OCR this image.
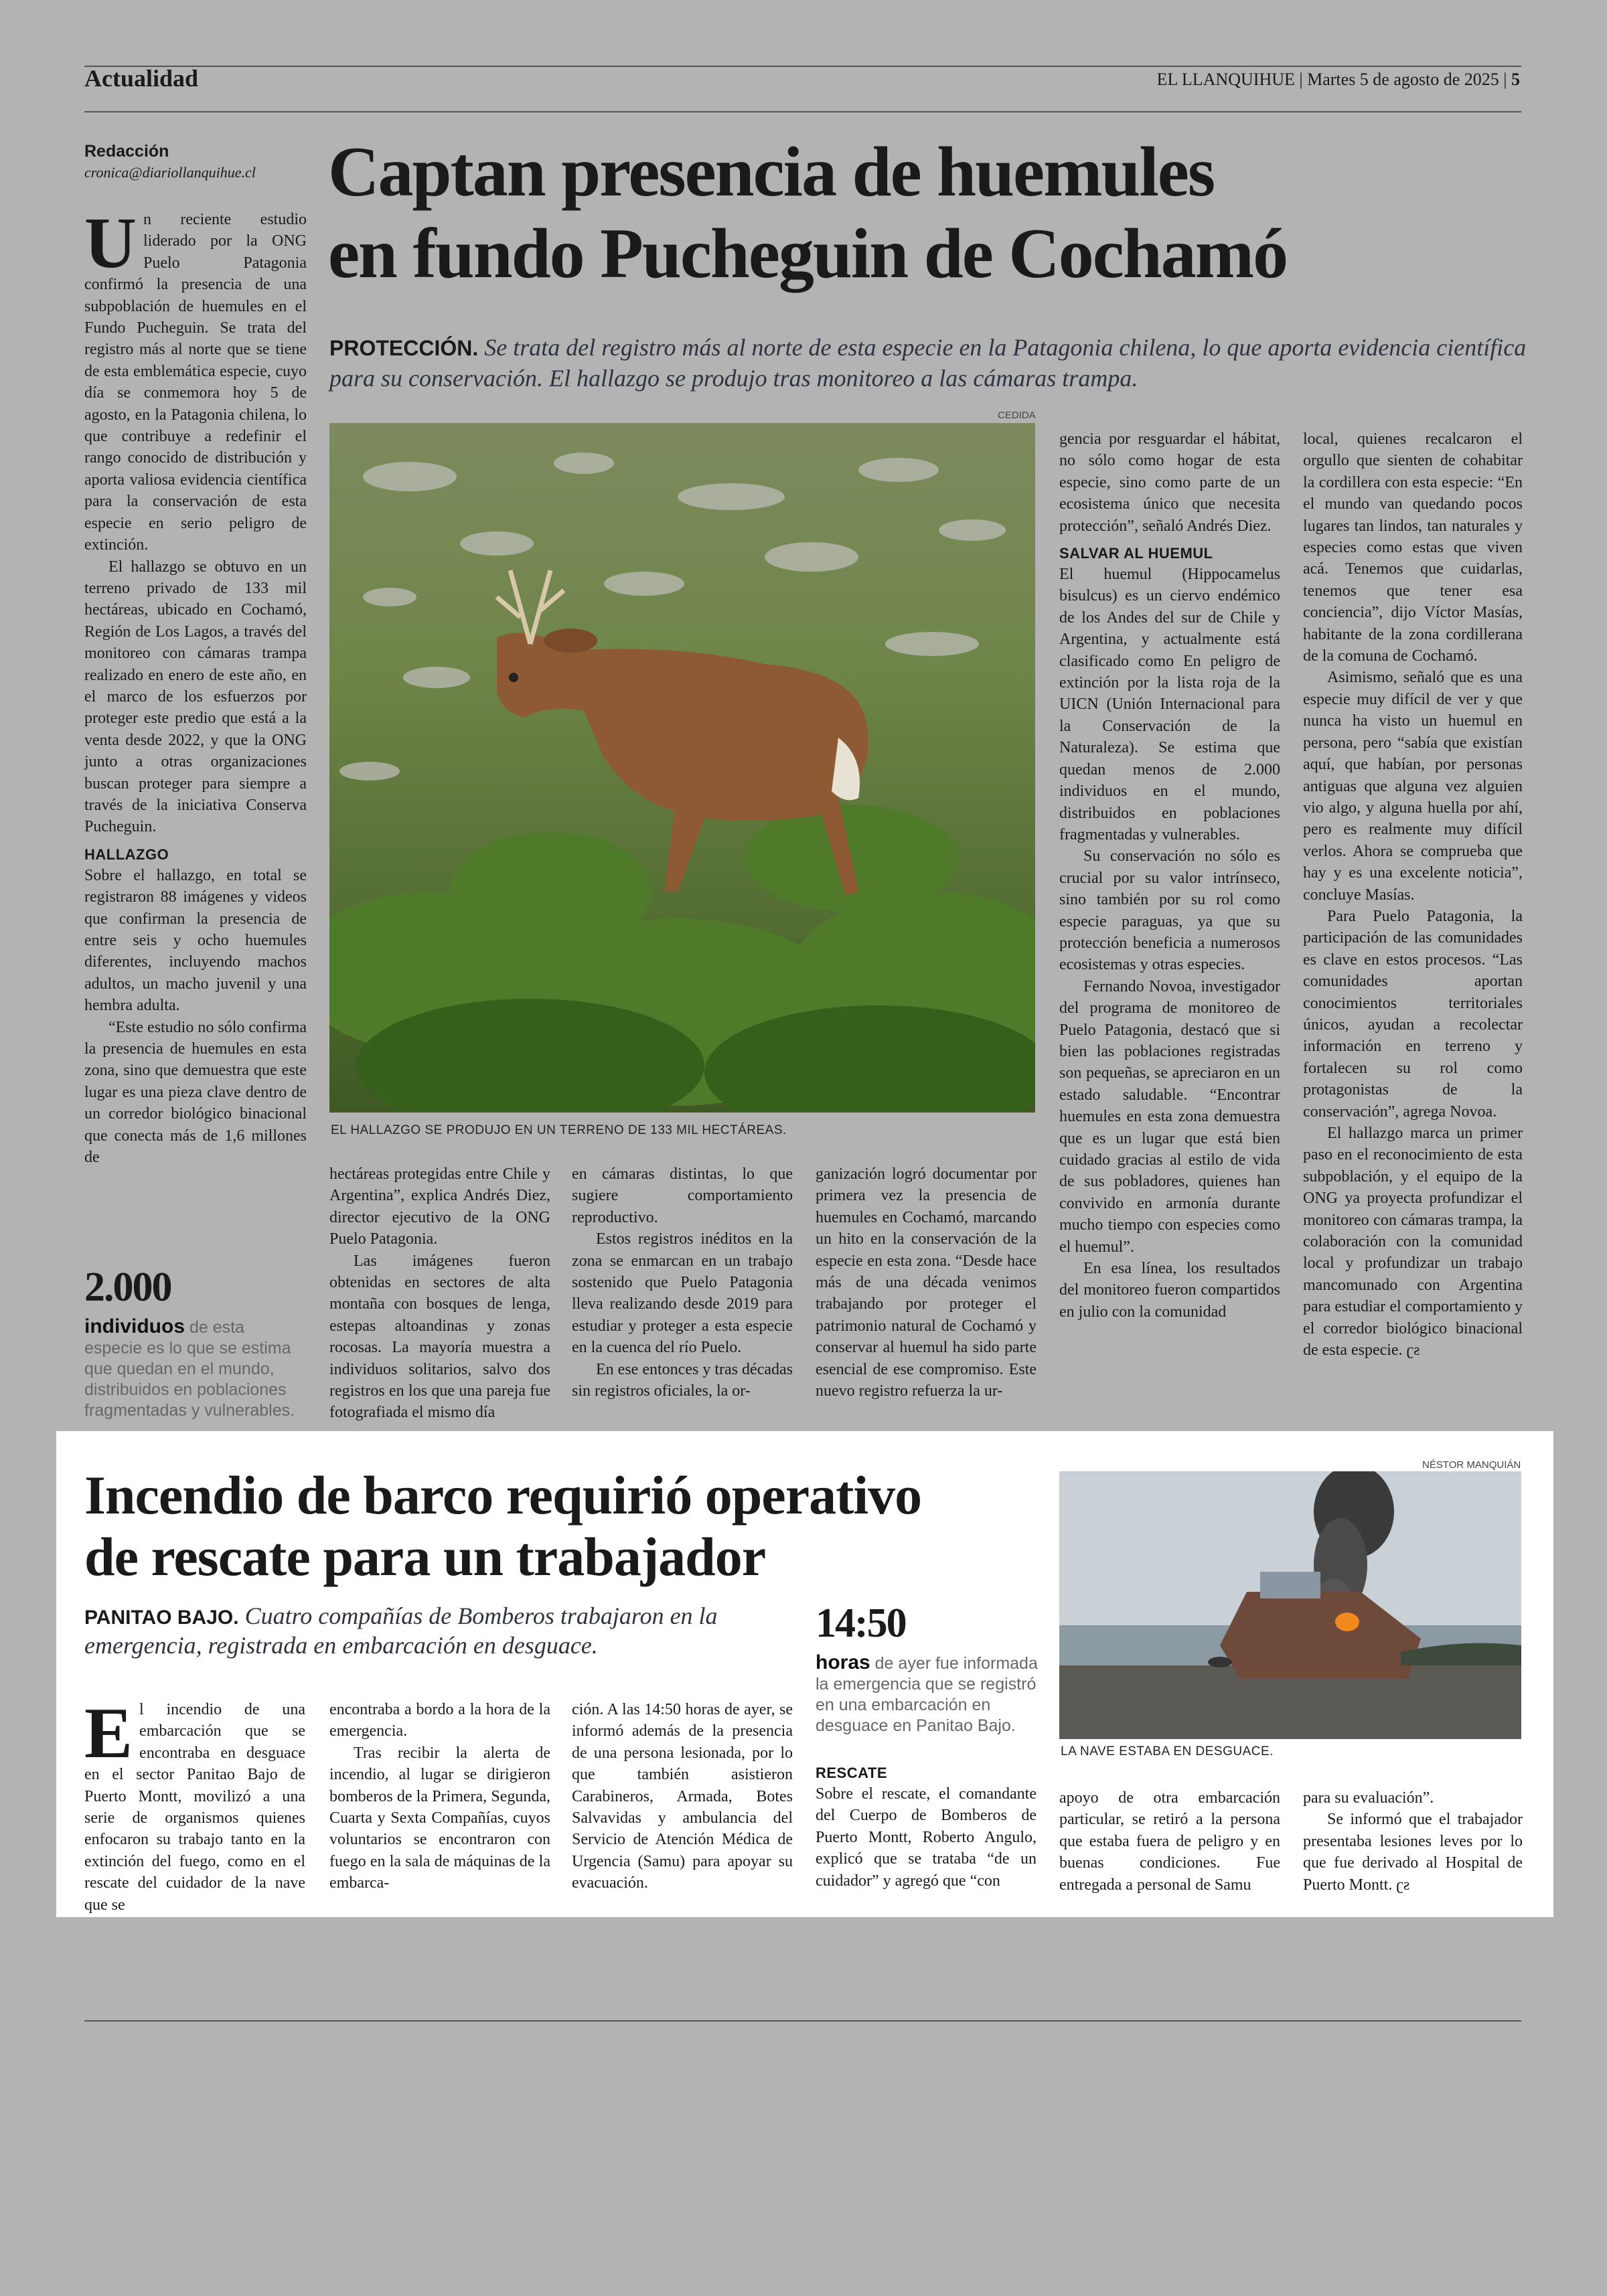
Actualidad	EL LLANQUIHUE | Martes 5 de agosto de 2025 | 5
Redacción
cronica@diariollanquihue.cl	Captan presencia de huemules
en fundo Pucheguin de Cochamó
PROTECCIÓN. Se trata del registro más al norte de esta especie en la Patagonia chilena, lo que aporta evidencia científica para su conservación. El hallazgo se produjo tras monitoreo a las cámaras trampa.

Un reciente estudio liderado por la ONG Puelo Patagonia confirmó la presencia de una subpoblación de huemules en el Fundo Pucheguin. Se trata del registro más al norte que se tiene de esta emblemática especie, cuyo día se conmemora hoy 5 de agosto, en la Patagonia chilena, lo que contribuye a redefinir el rango conocido de distribución y aporta valiosa evidencia científica para la conservación de esta especie en serio peligro de extinción.

El hallazgo se obtuvo en un terreno privado de 133 mil hectáreas, ubicado en Cochamó, Región de Los Lagos, a través del monitoreo con cámaras trampa realizado en enero de este año, en el marco de los esfuerzos por proteger este predio que está a la venta desde 2022, y que la ONG junto a otras organizaciones buscan proteger para siempre a través de la iniciativa Conserva Pucheguin.

HALLAZGO

Sobre el hallazgo, en total se registraron 88 imágenes y videos que confirman la presencia de entre seis y ocho huemules diferentes, incluyendo machos adultos, un macho juvenil y una hembra adulta.

“Este estudio no sólo confirma la presencia de huemules en esta zona, sino que demuestra que este lugar es una pieza clave dentro de un corredor biológico binacional que conecta más de 1,6 millones de

2.000
individuos de esta especie es lo que se estima que quedan en el mundo, distribuidos en poblaciones fragmentadas y vulnerables.
CEDIDA
EL HALLAZGO SE PRODUJO EN UN TERRENO DE 133 MIL HECTÁREAS.

hectáreas protegidas entre Chile y Argentina”, explica Andrés Diez, director ejecutivo de la ONG Puelo Patagonia.

Las imágenes fueron obtenidas en sectores de alta montaña con bosques de lenga, estepas altoandinas y zonas rocosas. La mayoría muestra a individuos solitarios, salvo dos registros en los que una pareja fue fotografiada el mismo día

en cámaras distintas, lo que sugiere comportamiento reproductivo.

Estos registros inéditos en la zona se enmarcan en un trabajo sostenido que Puelo Patagonia lleva realizando desde 2019 para estudiar y proteger a esta especie en la cuenca del río Puelo.

En ese entonces y tras décadas sin registros oficiales, la or-

ganización logró documentar por primera vez la presencia de huemules en Cochamó, marcando un hito en la conservación de la especie en esta zona. “Desde hace más de una década venimos trabajando por proteger el patrimonio natural de Cochamó y conservar al huemul ha sido parte esencial de ese compromiso. Este nuevo registro refuerza la ur-

gencia por resguardar el hábitat, no sólo como hogar de esta especie, sino como parte de un ecosistema único que necesita protección”, señaló Andrés Diez.

SALVAR AL HUEMUL

El huemul (Hippocamelus bisulcus) es un ciervo endémico de los Andes del sur de Chile y Argentina, y actualmente está clasificado como En peligro de extinción por la lista roja de la UICN (Unión Internacional para la Conservación de la Naturaleza). Se estima que quedan menos de 2.000 individuos en el mundo, distribuidos en poblaciones fragmentadas y vulnerables.

Su conservación no sólo es crucial por su valor intrínseco, sino también por su rol como especie paraguas, ya que su protección beneficia a numerosos ecosistemas y otras especies.

Fernando Novoa, investigador del programa de monitoreo de Puelo Patagonia, destacó que si bien las poblaciones registradas son pequeñas, se apreciaron en un estado saludable. “Encontrar huemules en esta zona demuestra que es un lugar que está bien cuidado gracias al estilo de vida de sus pobladores, quienes han convivido en armonía durante mucho tiempo con especies como el huemul”.

En esa línea, los resultados del monitoreo fueron compartidos en julio con la comunidad

local, quienes recalcaron el orgullo que sienten de cohabitar la cordillera con esta especie: “En el mundo van quedando pocos lugares tan lindos, tan naturales y especies como estas que viven acá. Tenemos que cuidarlas, tenemos que tener esa conciencia”, dijo Víctor Masías, habitante de la zona cordillerana de la comuna de Cochamó.

Asimismo, señaló que es una especie muy difícil de ver y que nunca ha visto un huemul en persona, pero “sabía que existían aquí, que habían, por personas antiguas que alguna vez alguien vio algo, y alguna huella por ahí, pero es realmente muy difícil verlos. Ahora se comprueba que hay y es una excelente noticia”, concluye Masías.

Para Puelo Patagonia, la participación de las comunidades es clave en estos procesos. “Las comunidades aportan conocimientos territoriales únicos, ayudan a recolectar información en terreno y fortalecen su rol como protagonistas de la conservación”, agrega Novoa.

El hallazgo marca un primer paso en el reconocimiento de esta subpoblación, y el equipo de la ONG ya proyecta profundizar el monitoreo con cámaras trampa, la colaboración con la comunidad local y profundizar un trabajo mancomunado con Argentina para estudiar el comportamiento y el corredor biológico binacional de esta especie. ʗƨ

Incendio de barco requirió operativo
de rescate para un trabajador
PANITAO BAJO. Cuatro compañías de Bomberos trabajaron en la emergencia, registrada en embarcación en desguace.	14:50
horas de ayer fue informada la emergencia que se registró en una embarcación en desguace en Panitao Bajo.
NÉSTOR MANQUIÁN
LA NAVE ESTABA EN DESGUACE.

El incendio de una embarcación que se encontraba en desguace en el sector Panitao Bajo de Puerto Montt, movilizó a una serie de organismos quienes enfocaron su trabajo tanto en la extinción del fuego, como en el rescate del cuidador de la nave que se

encontraba a bordo a la hora de la emergencia.

Tras recibir la alerta de incendio, al lugar se dirigieron bomberos de la Primera, Segunda, Cuarta y Sexta Compañías, cuyos voluntarios se encontraron con fuego en la sala de máquinas de la embarca-

ción. A las 14:50 horas de ayer, se informó además de la presencia de una persona lesionada, por lo que también asistieron Carabineros, Armada, Botes Salvavidas y ambulancia del Servicio de Atención Médica de Urgencia (Samu) para apoyar su evacuación.

RESCATE

Sobre el rescate, el comandante del Cuerpo de Bomberos de Puerto Montt, Roberto Angulo, explicó que se trataba “de un cuidador” y agregó que “con

apoyo de otra embarcación particular, se retiró a la persona que estaba fuera de peligro y en buenas condiciones. Fue entregada a personal de Samu

para su evaluación”.

Se informó que el trabajador presentaba lesiones leves por lo que fue derivado al Hospital de Puerto Montt. ʗƨ
